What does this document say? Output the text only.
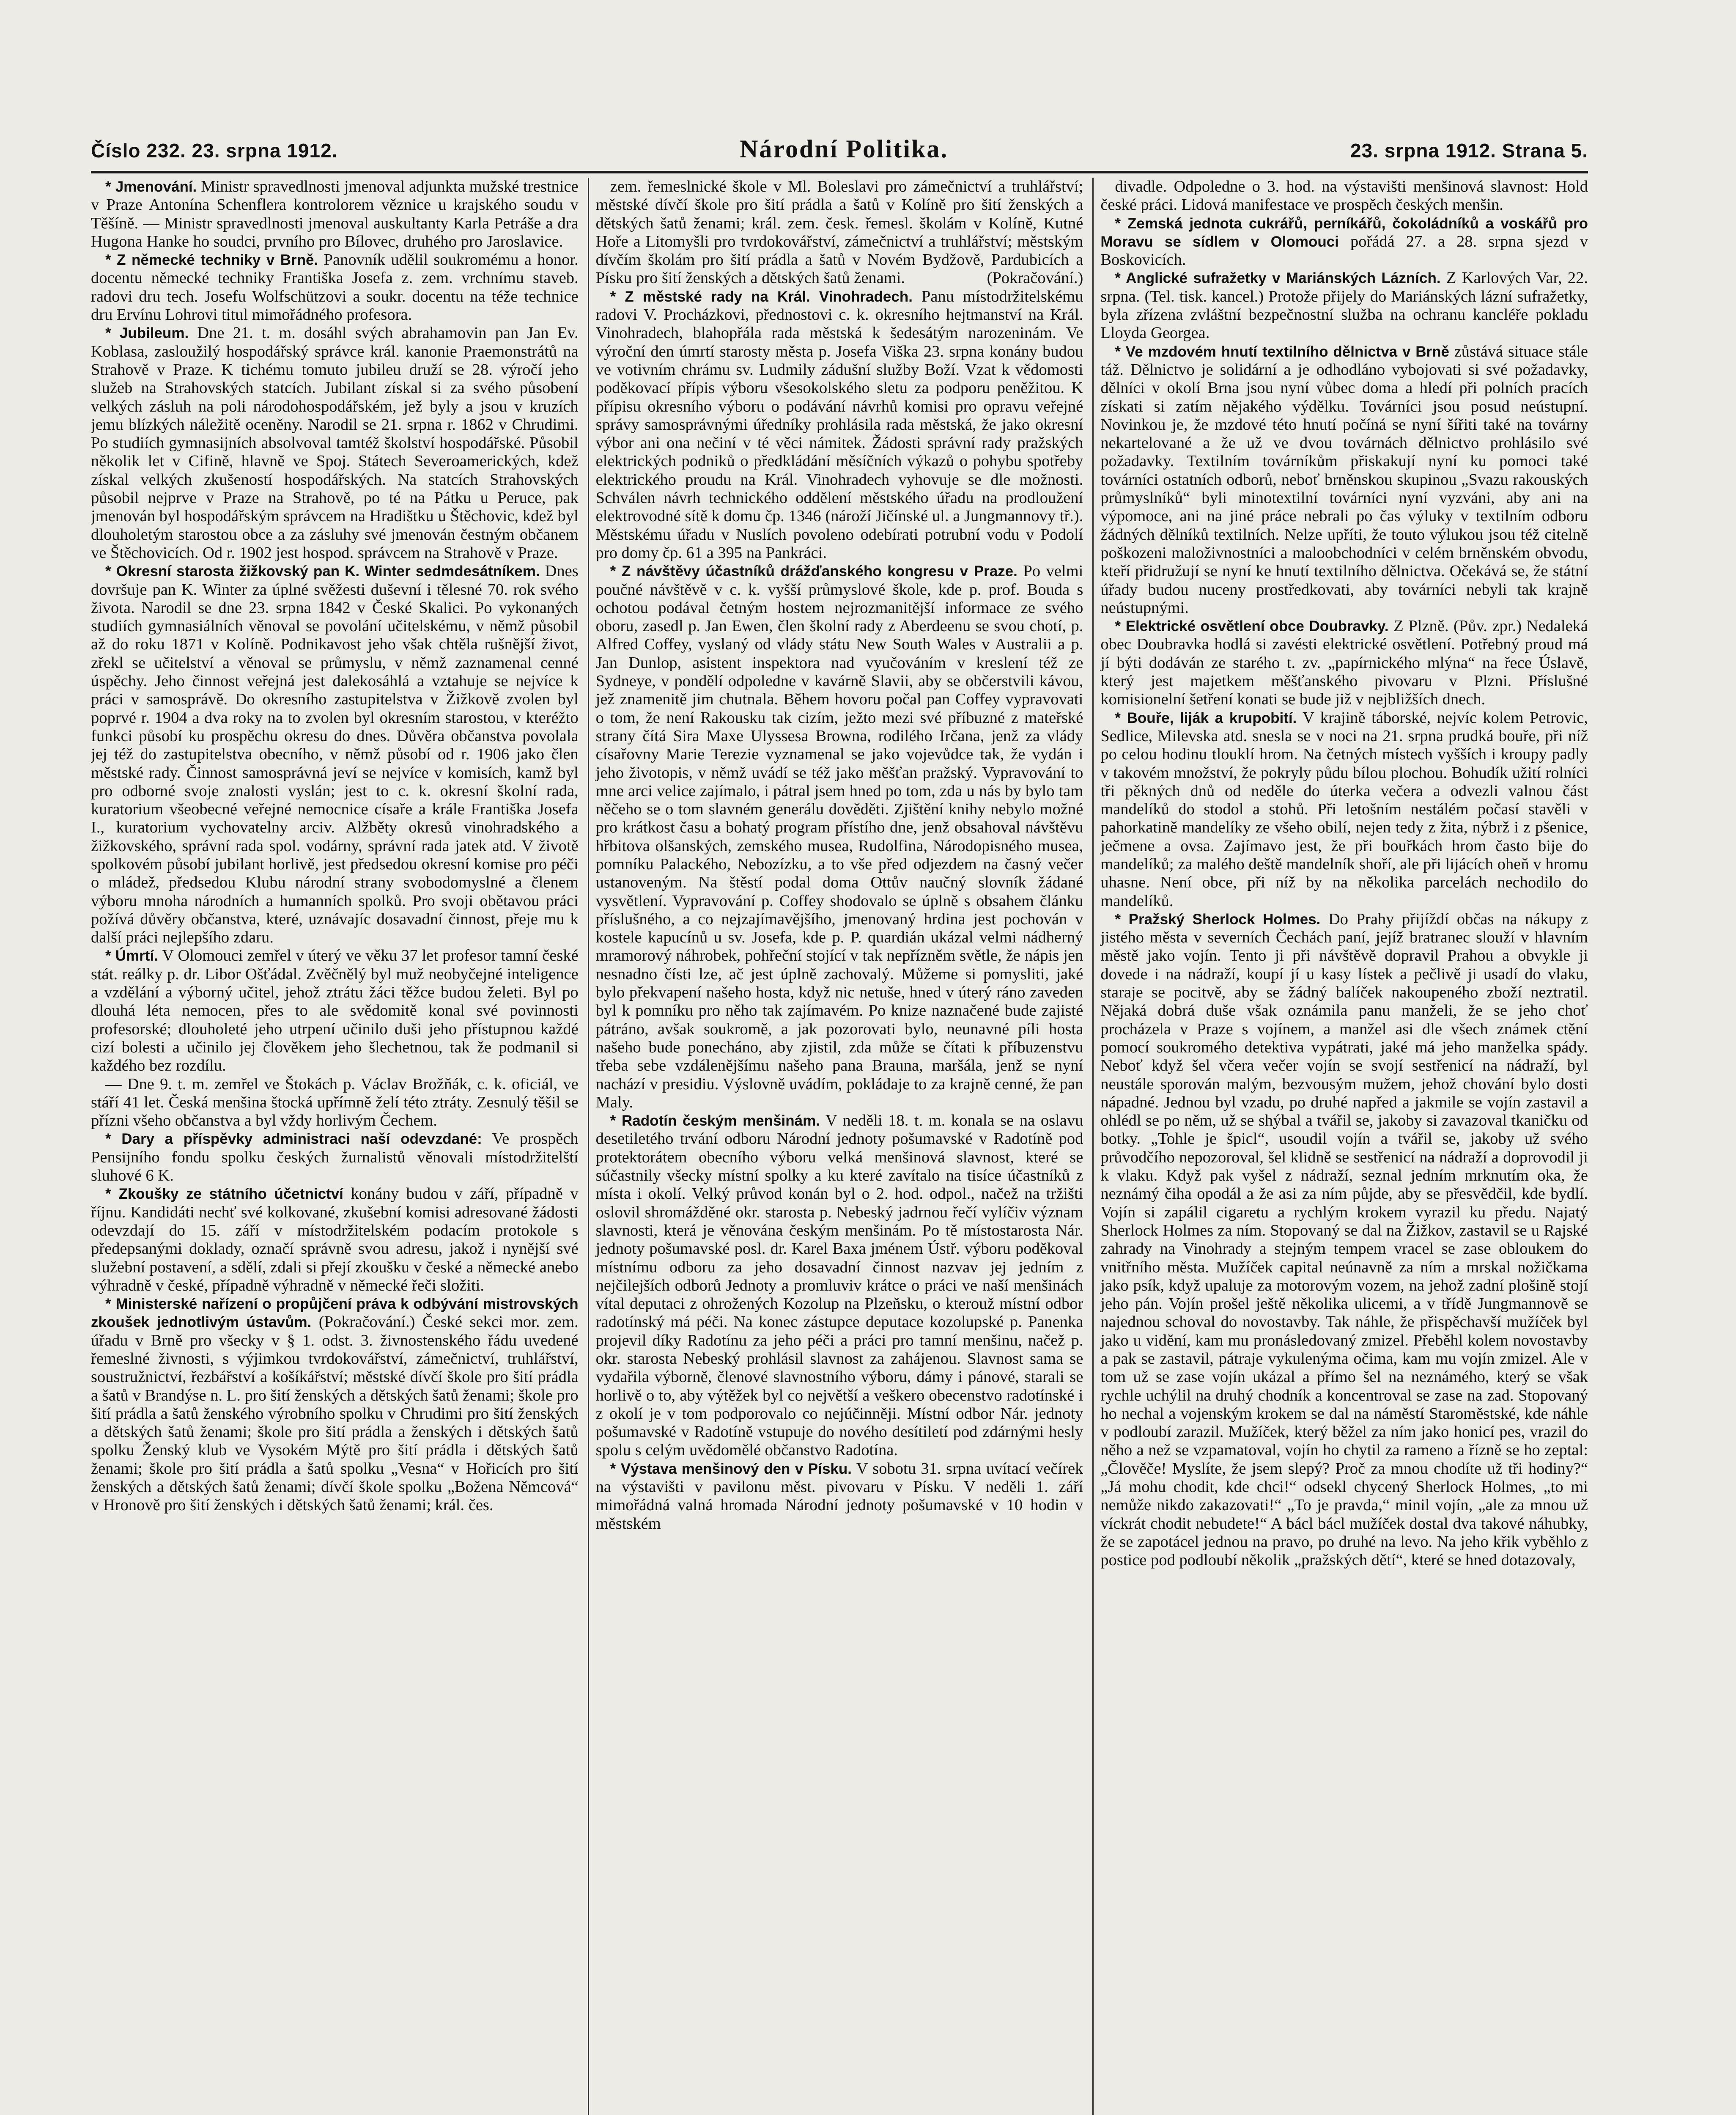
Číslo 232. 23. srpna 1912.	Národní Politika.	23. srpna 1912. Strana 5.

* Jmenování. Ministr spravedlnosti jmenoval adjunkta mužské trestnice v Praze Antonína Schenflera kontrolorem věznice u krajského soudu v Těšíně. — Ministr spravedlnosti jmenoval auskultanty Karla Petráše a dra Hugona Hanke ho soudci, prvního pro Bílovec, druhého pro Jaroslavice.

* Z německé techniky v Brně. Panovník udělil soukromému a honor. docentu německé techniky Františka Josefa z. zem. vrchnímu staveb. radovi dru tech. Josefu Wolfschützovi a soukr. docentu na téže technice dru Ervínu Lohrovi titul mimořádného profesora.

* Jubileum. Dne 21. t. m. dosáhl svých abrahamovin pan Jan Ev. Koblasa, zasloužilý hospodářský správce král. kanonie Praemonstrátů na Strahově v Praze. K tichému tomuto jubileu druží se 28. výročí jeho služeb na Strahovských statcích. Jubilant získal si za svého působení velkých zásluh na poli národohospodářském, jež byly a jsou v kruzích jemu blízkých náležitě oceněny. Narodil se 21. srpna r. 1862 v Chrudimi. Po studiích gymnasijních absolvoval tamtéž školství hospodářské. Působil několik let v Cifině, hlavně ve Spoj. Státech Severoamerických, kdež získal velkých zkušeností hospodářských. Na statcích Strahovských působil nejprve v Praze na Strahově, po té na Pátku u Peruce, pak jmenován byl hospodářským správcem na Hradištku u Štěchovic, kdež byl dlouholetým starostou obce a za zásluhy své jmenován čestným občanem ve Štěchovicích. Od r. 1902 jest hospod. správcem na Strahově v Praze.

* Okresní starosta žižkovský pan K. Winter sedmdesátníkem. Dnes dovršuje pan K. Winter za úplné svěžesti duševní i tělesné 70. rok svého života. Narodil se dne 23. srpna 1842 v České Skalici. Po vykonaných studiích gymnasiálních věnoval se povolání učitelskému, v němž působil až do roku 1871 v Kolíně. Podnikavost jeho však chtěla rušnější život, zřekl se učitelství a věnoval se průmyslu, v němž zaznamenal cenné úspěchy. Jeho činnost veřejná jest dalekosáhlá a vztahuje se nejvíce k práci v samosprávě. Do okresního zastupitelstva v Žižkově zvolen byl poprvé r. 1904 a dva roky na to zvolen byl okresním starostou, v kteréžto funkci působí ku prospěchu okresu do dnes. Důvěra občanstva povolala jej též do zastupitelstva obecního, v němž působí od r. 1906 jako člen městské rady. Činnost samosprávná jeví se nejvíce v komisích, kamž byl pro odborné svoje znalosti vyslán; jest to c. k. okresní školní rada, kuratorium všeobecné veřejné nemocnice císaře a krále Františka Josefa I., kuratorium vychovatelny arciv. Alžběty okresů vinohradského a žižkovského, správní rada spol. vodárny, správní rada jatek atd. V životě spolkovém působí jubilant horlivě, jest předsedou okresní komise pro péči o mládež, předsedou Klubu národní strany svobodomyslné a členem výboru mnoha národních a humanních spolků. Pro svoji obětavou práci požívá důvěry občanstva, které, uznávajíc dosavadní činnost, přeje mu k další práci nejlepšího zdaru.

* Úmrtí. V Olomouci zemřel v úterý ve věku 37 let profesor tamní české stát. reálky p. dr. Libor Ošťádal. Zvěčnělý byl muž neobyčejné inteligence a vzdělání a výborný učitel, jehož ztrátu žáci těžce budou želeti. Byl po dlouhá léta nemocen, přes to ale svědomitě konal své povinnosti profesorské; dlouholeté jeho utrpení učinilo duši jeho přístupnou každé cizí bolesti a učinilo jej člověkem jeho šlechetnou, tak že podmanil si každého bez rozdílu.

— Dne 9. t. m. zemřel ve Štokách p. Václav Brožňák, c. k. oficiál, ve stáří 41 let. Česká menšina štocká upřímně želí této ztráty. Zesnulý těšil se přízni všeho občanstva a byl vždy horlivým Čechem.

* Dary a příspěvky administraci naší odevzdané: Ve prospěch Pensijního fondu spolku českých žurnalistů věnovali místodržitelští sluhové 6 K.

* Zkoušky ze státního účetnictví konány budou v září, případně v říjnu. Kandidáti nechť své kolkované, zkušební komisi adresované žádosti odevzdají do 15. září v místodržitelském podacím protokole s předepsanými doklady, označí správně svou adresu, jakož i nynější své služební postavení, a sdělí, zdali si přejí zkoušku v české a německé anebo výhradně v české, případně výhradně v německé řeči složiti.

* Ministerské nařízení o propůjčení práva k odbývání mistrovských zkoušek jednotlivým ústavům. (Pokračování.) České sekci mor. zem. úřadu v Brně pro všecky v § 1. odst. 3. živnostenského řádu uvedené řemeslné živnosti, s výjimkou tvrdokovářství, zámečnictví, truhlářství, soustružnictví, řezbářství a košíkářství; městské dívčí škole pro šití prádla a šatů v Brandýse n. L. pro šití ženských a dětských šatů ženami; škole pro šití prádla a šatů ženského výrobního spolku v Chrudimi pro šití ženských a dětských šatů ženami; škole pro šití prádla a ženských i dětských šatů spolku Ženský klub ve Vysokém Mýtě pro šití prádla i dětských šatů ženami; škole pro šití prádla a šatů spolku „Vesna“ v Hořicích pro šití ženských a dětských šatů ženami; dívčí škole spolku „Božena Němcová“ v Hronově pro šití ženských i dětských šatů ženami; král. čes.

zem. řemeslnické škole v Ml. Boleslavi pro zámečnictví a truhlářství; městské dívčí škole pro šití prádla a šatů v Kolíně pro šití ženských a dětských šatů ženami; král. zem. česk. řemesl. školám v Kolíně, Kutné Hoře a Litomyšli pro tvrdokovářství, zámečnictví a truhlářství; městským dívčím školám pro šití prádla a šatů v Novém Bydžově, Pardubicích a Písku pro šití ženských a dětských šatů ženami.	(Pokračování.)

* Z městské rady na Král. Vinohradech. Panu místodržitelskému radovi V. Procházkovi, přednostovi c. k. okresního hejtmanství na Král. Vinohradech, blahopřála rada městská k šedesátým narozeninám. Ve výroční den úmrtí starosty města p. Josefa Viška 23. srpna konány budou ve votivním chrámu sv. Ludmily zádušní služby Boží. Vzat k vědomosti poděkovací přípis výboru všesokolského sletu za podporu peněžitou. K přípisu okresního výboru o podávání návrhů komisi pro opravu veřejné správy samosprávnými úředníky prohlásila rada městská, že jako okresní výbor ani ona nečiní v té věci námitek. Žádosti správní rady pražských elektrických podniků o předkládání měsíčních výkazů o pohybu spotřeby elektrického proudu na Král. Vinohradech vyhovuje se dle možnosti. Schválen návrh technického oddělení městského úřadu na prodloužení elektrovodné sítě k domu čp. 1346 (nároží Jičínské ul. a Jungmannovy tř.). Městskému úřadu v Nuslích povoleno odebírati potrubní vodu v Podolí pro domy čp. 61 a 395 na Pankráci.

* Z návštěvy účastníků drážďanského kongresu v Praze. Po velmi poučné návštěvě v c. k. vyšší průmyslové škole, kde p. prof. Bouda s ochotou podával četným hostem nejrozmanitější informace ze svého oboru, zasedl p. Jan Ewen, člen školní rady z Aberdeenu se svou chotí, p. Alfred Coffey, vyslaný od vlády státu New South Wales v Australii a p. Jan Dunlop, asistent inspektora nad vyučováním v kreslení též ze Sydneye, v pondělí odpoledne v kavárně Slavii, aby se občerstvili kávou, jež znamenitě jim chutnala. Během hovoru počal pan Coffey vypravovati o tom, že není Rakousku tak cizím, ježto mezi své příbuzné z mateřské strany čítá Sira Maxe Ulyssesa Browna, rodilého Irčana, jenž za vlády císařovny Marie Terezie vyznamenal se jako vojevůdce tak, že vydán i jeho životopis, v němž uvádí se též jako měšťan pražský. Vypravování to mne arci velice zajímalo, i pátral jsem hned po tom, zda u nás by bylo tam něčeho se o tom slavném generálu dověděti. Zjištění knihy nebylo možné pro krátkost času a bohatý program přístího dne, jenž obsahoval návštěvu hřbitova olšanských, zemského musea, Rudolfina, Národopisného musea, pomníku Palackého, Nebozízku, a to vše před odjezdem na časný večer ustanoveným. Na štěstí podal doma Ottův naučný slovník žádané vysvětlení. Vypravování p. Coffey shodovalo se úplně s obsahem článku příslušného, a co nejzajímavějšího, jmenovaný hrdina jest pochován v kostele kapucínů u sv. Josefa, kde p. P. quardián ukázal velmi nádherný mramorový náhrobek, pohřeční stojící v tak nepřízněm světle, že nápis jen nesnadno čísti lze, ač jest úplně zachovalý. Můžeme si pomysliti, jaké bylo překvapení našeho hosta, když nic netuše, hned v úterý ráno zaveden byl k pomníku pro něho tak zajímavém. Po knize naznačené bude zajisté pátráno, avšak soukromě, a jak pozorovati bylo, neunavné píli hosta našeho bude ponecháno, aby zjistil, zda může se čítati k příbuzenstvu třeba sebe vzdálenějšímu našeho pana Brauna, maršála, jenž se nyní nachází v presidiu. Výslovně uvádím, pokládaje to za krajně cenné, že pan Maly.

* Radotín českým menšinám. V neděli 18. t. m. konala se na oslavu desetiletého trvání odboru Národní jednoty pošumavské v Radotíně pod protektorátem obecního výboru velká menšinová slavnost, které se súčastnily všecky místní spolky a ku které zavítalo na tisíce účastníků z místa i okolí. Velký průvod konán byl o 2. hod. odpol., načež na tržišti oslovil shromážděné okr. starosta p. Nebeský jadrnou řečí vylíčiv význam slavnosti, která je věnována českým menšinám. Po tě místostarosta Nár. jednoty pošumavské posl. dr. Karel Baxa jménem Ústř. výboru poděkoval místnímu odboru za jeho dosavadní činnost nazvav jej jedním z nejčilejších odborů Jednoty a promluviv krátce o práci ve naší menšinách vítal deputaci z ohrožených Kozolup na Plzeňsku, o kterouž místní odbor radotínský má péči. Na konec zástupce deputace kozolupské p. Panenka projevil díky Radotínu za jeho péči a práci pro tamní menšinu, načež p. okr. starosta Nebeský prohlásil slavnost za zahájenou. Slavnost sama se vydařila výborně, členové slavnostního výboru, dámy i pánové, starali se horlivě o to, aby výtěžek byl co největší a veškero obecenstvo radotínské i z okolí je v tom podporovalo co nejúčinněji. Místní odbor Nár. jednoty pošumavské v Radotíně vstupuje do nového desítiletí pod zdárnými hesly spolu s celým uvědomělé občanstvo Radotína.

* Výstava menšinový den v Písku. V sobotu 31. srpna uvítací večírek na výstavišti v pavilonu měst. pivovaru v Písku. V neděli 1. září mimořádná valná hromada Národní jednoty pošumavské v 10 hodin v městském

divadle. Odpoledne o 3. hod. na výstavišti menšinová slavnost: Hold české práci. Lidová manifestace ve prospěch českých menšin.

* Zemská jednota cukrářů, perníkářů, čokoládníků a voskářů pro Moravu se sídlem v Olomouci pořádá 27. a 28. srpna sjezd v Boskovicích.

* Anglické sufražetky v Mariánských Lázních. Z Karlových Var, 22. srpna. (Tel. tisk. kancel.) Protože přijely do Mariánských lázní sufražetky, byla zřízena zvláštní bezpečnostní služba na ochranu kancléře pokladu Lloyda Georgea.

* Ve mzdovém hnutí textilního dělnictva v Brně zůstává situace stále táž. Dělnictvo je solidární a je odhodláno vybojovati si své požadavky, dělníci v okolí Brna jsou nyní vůbec doma a hledí při polních pracích získati si zatím nějakého výdělku. Továrníci jsou posud neústupní. Novinkou je, že mzdové této hnutí počíná se nyní šířiti také na továrny nekartelované a že už ve dvou továrnách dělnictvo prohlásilo své požadavky. Textilním továrníkům přiskakují nyní ku pomoci také továrníci ostatních odborů, neboť brněnskou skupinou „Svazu rakouských průmyslníků“ byli minotextilní továrníci nyní vyzváni, aby ani na výpomoce, ani na jiné práce nebrali po čas výluky v textilním odboru žádných dělníků textilních. Nelze upříti, že touto výlukou jsou též citelně poškozeni maloživnostníci a maloobchodníci v celém brněnském obvodu, kteří přidružují se nyní ke hnutí textilního dělnictva. Očekává se, že státní úřady budou nuceny prostředkovati, aby továrníci nebyli tak krajně neústupnými.

* Elektrické osvětlení obce Doubravky. Z Plzně. (Pův. zpr.) Nedaleká obec Doubravka hodlá si zavésti elektrické osvětlení. Potřebný proud má jí býti dodáván ze starého t. zv. „papírnického mlýna“ na řece Úslavě, který jest majetkem měšťanského pivovaru v Plzni. Příslušné komisionelní šetření konati se bude již v nejbližších dnech.

* Bouře, liják a krupobití. V krajině táborské, nejvíc kolem Petrovic, Sedlice, Milevska atd. snesla se v noci na 21. srpna prudká bouře, při níž po celou hodinu tlouklí hrom. Na četných místech vyšších i kroupy padly v takovém množství, že pokryly půdu bílou plochou. Bohudík užití rolníci tři pěkných dnů od neděle do úterka večera a odvezli valnou část mandelíků do stodol a stohů. Při letošním nestálém počasí stavěli v pahorkatině mandelíky ze všeho obilí, nejen tedy z žita, nýbrž i z pšenice, ječmene a ovsa. Zajímavo jest, že při bouřkách hrom často bije do mandelíků; za malého deště mandelník shoří, ale při lijácích oheň v hromu uhasne. Není obce, při níž by na několika parcelách nechodilo do mandelíků.

* Pražský Sherlock Holmes. Do Prahy přijíždí občas na nákupy z jistého města v severních Čechách paní, jejíž bratranec slouží v hlavním městě jako vojín. Tento ji při návštěvě dopravil Prahou a obvykle ji dovede i na nádraží, koupí jí u kasy lístek a pečlivě ji usadí do vlaku, staraje se pocitvě, aby se žádný balíček nakoupeného zboží neztratil. Nějaká dobrá duše však oznámila panu manželi, že se jeho choť procházela v Praze s vojínem, a manžel asi dle všech známek ctění pomocí soukromého detektiva vypátrati, jaké má jeho manželka spády. Neboť když šel včera večer vojín se svojí sestřenicí na nádraží, byl neustále sporován malým, bezvousým mužem, jehož chování bylo dosti nápadné. Jednou byl vzadu, po druhé napřed a jakmile se vojín zastavil a ohlédl se po něm, už se shýbal a tvářil se, jakoby si zavazoval tkaničku od botky. „Tohle je špicl“, usoudil vojín a tvářil se, jakoby už svého průvodčího nepozoroval, šel klidně se sestřenicí na nádraží a doprovodil ji k vlaku. Když pak vyšel z nádraží, seznal jedním mrknutím oka, že neznámý čiha opodál a že asi za ním půjde, aby se přesvědčil, kde bydlí. Vojín si zapálil cigaretu a rychlým krokem vyrazil ku předu. Najatý Sherlock Holmes za ním. Stopovaný se dal na Žižkov, zastavil se u Rajské zahrady na Vinohrady a stejným tempem vracel se zase obloukem do vnitřního města. Mužíček capital neúnavně za ním a mrskal nožičkama jako psík, když upaluje za motorovým vozem, na jehož zadní plošině stojí jeho pán. Vojín prošel ještě několika ulicemi, a v třídě Jungmannově se najednou schoval do novostavby. Tak náhle, že přispěchavší mužíček byl jako u vidění, kam mu pronásledovaný zmizel. Přeběhl kolem novostavby a pak se zastavil, pátraje vykulenýma očima, kam mu vojín zmizel. Ale v tom už se zase vojín ukázal a přímo šel na neznámého, který se však rychle uchýlil na druhý chodník a koncentroval se zase na zad. Stopovaný ho nechal a vojenským krokem se dal na náměstí Staroměstské, kde náhle v podloubí zarazil. Mužíček, který běžel za ním jako honicí pes, vrazil do něho a než se vzpamatoval, vojín ho chytil za rameno a řízně se ho zeptal: „Člověče! Myslíte, že jsem slepý? Proč za mnou chodíte už tři hodiny?“ „Já mohu chodit, kde chci!“ odsekl chycený Sherlock Holmes, „to mi nemůže nikdo zakazovati!“ „To je pravda,“ minil vojín, „ale za mnou už víckrát chodit nebudete!“ A bácl bácl mužíček dostal dva takové náhubky, že se zapotácel jednou na pravo, po druhé na levo. Na jeho křik vyběhlo z postice pod podloubí několik „pražských dětí“, které se hned dotazovaly,
